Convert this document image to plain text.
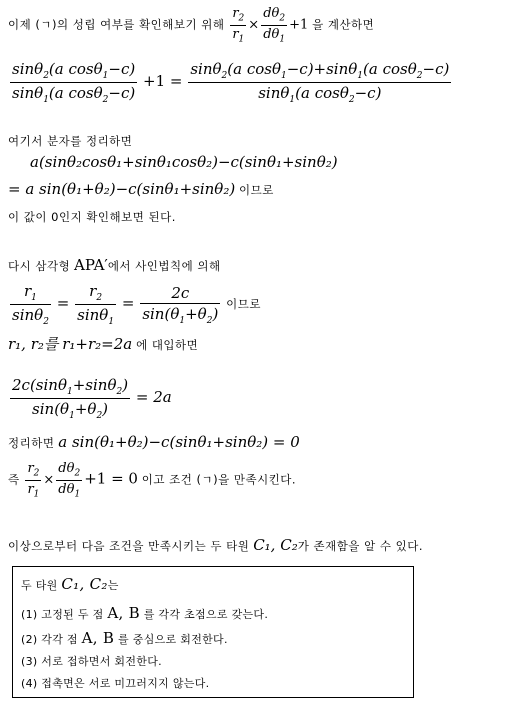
이제 (ㄱ)의 성립 여부를 확인해보기 위해 $\frac{r_2}{r_1} \times \frac{d\theta_2}{d\theta_1} +1$ 을 계산하면
$\frac{\sin\theta_2(a \cos\theta_1-c)}{\sin\theta_1(a \cos\theta_2-c)} +1 = \frac{\sin\theta_2(a \cos\theta_1-c)+\sin\theta_1(a \cos\theta_2-c)}{\sin\theta_1(a \cos\theta_2-c)}$
여기서 분자를 정리하면
a(sinθ₂cosθ₁+sinθ₁cosθ₂)−c(sinθ₁+sinθ₂)
= a sin(θ₁+θ₂)−c(sinθ₁+sinθ₂) 이므로
이 값이 0인지 확인해보면 된다.
다시 삼각형 APA′에서 사인법칙에 의해
$\frac{r_1}{\sin\theta_2} = \frac{r_2}{\sin\theta_1} = \frac{2c}{\sin(\theta_1+\theta_2)}$ 이므로
r₁, r₂를 r₁+r₂=2a 에 대입하면
$\frac{2c(\sin\theta_1+\sin\theta_2)}{\sin(\theta_1+\theta_2)} = 2a$
정리하면 a sin(θ₁+θ₂)−c(sinθ₁+sinθ₂) = 0
즉 $\frac{r_2}{r_1} \times \frac{d\theta_2}{d\theta_1} +1 = 0$ 이고 조건 (ㄱ)을 만족시킨다.
이상으로부터 다음 조건을 만족시키는 두 타원 C₁, C₂가 존재함을 알 수 있다.
두 타원 C₁, C₂는
(1) 고정된 두 점 A, B 를 각각 초점으로 갖는다.
(2) 각각 점 A, B 를 중심으로 회전한다.
(3) 서로 접하면서 회전한다.
(4) 접촉면은 서로 미끄러지지 않는다.
